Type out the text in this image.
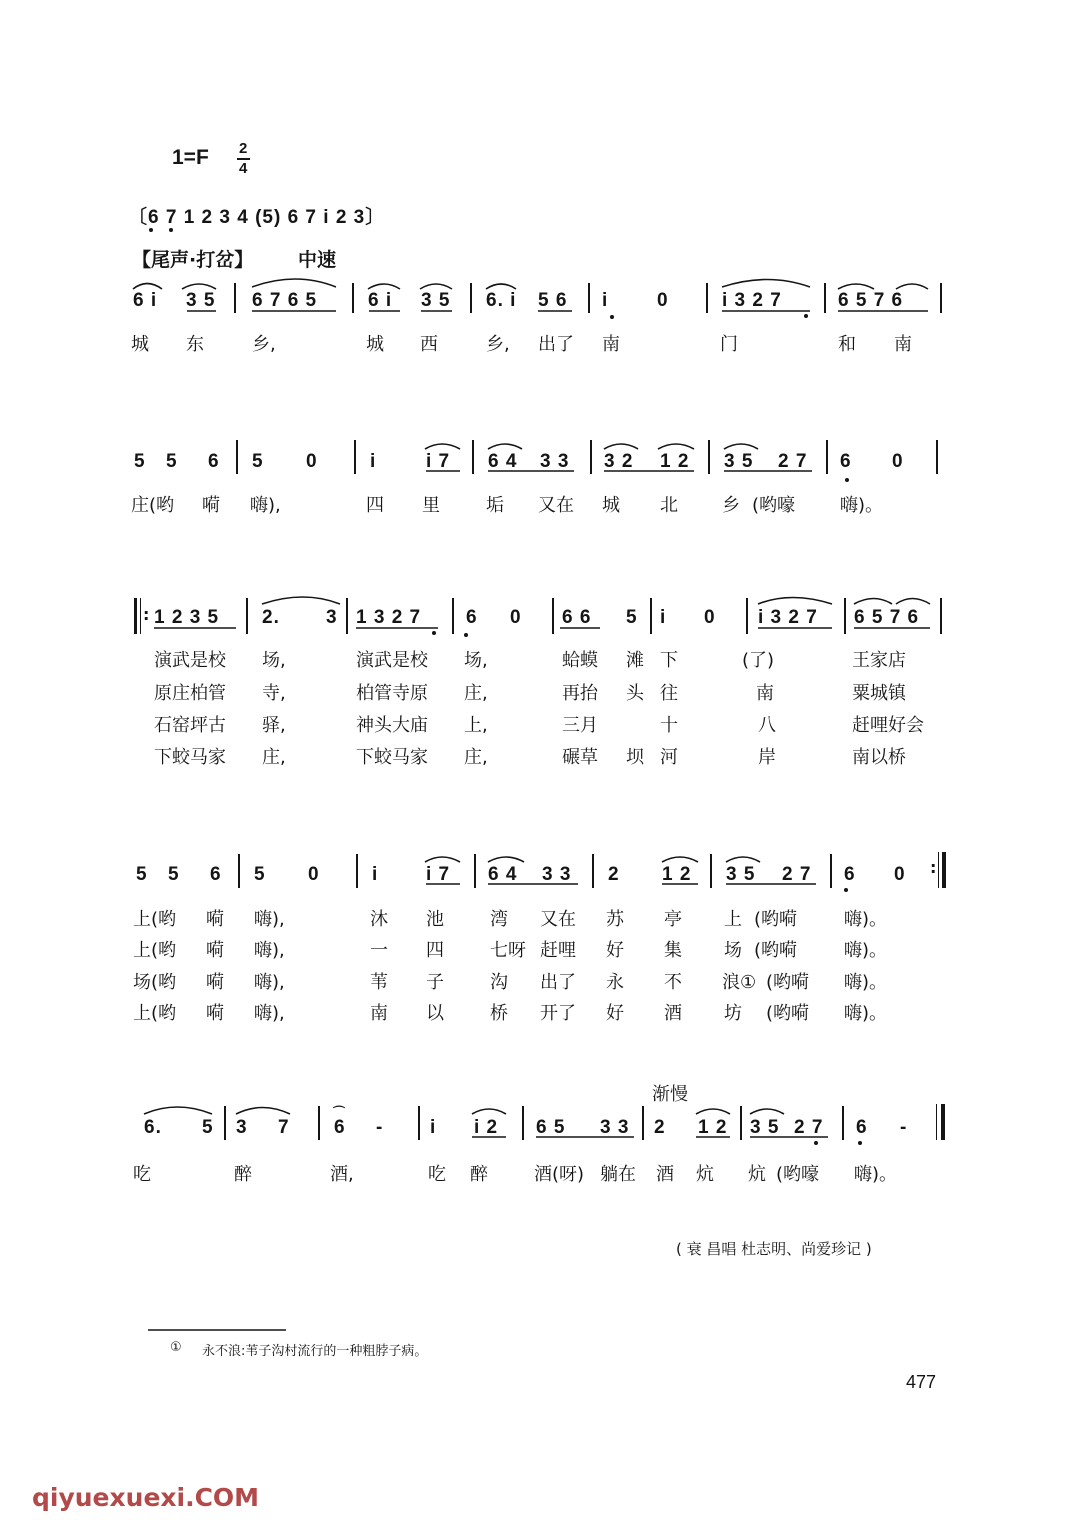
1=F 2
4
〔6 7 1 2 3 4 (5) 6 7 i 2 3〕
【尾声·打岔】 中速
6 i 3 5 6 7 6 5	6 i 3 5 6. i 5 6 i	0	i 3 2 7	6 5 7 6
城 东	乡,	城 西	乡, 出了 南	门	和 南
5 5 6 5 0	i	i 7 6 4 3 3 3 2 1 2 3 5 2 7 6 0
庄(哟 嗬 嗨),	四 里	垢 又在 城 北 乡 (哟嚎 嗨)。
: 1 2 3 5 2. 3 1 3 2 7 6 0 6 6 5 i 0 i 3 2 7 6 5 7 6
演武是校 场,	演武是校 场,	蛤蟆 滩 下	(了)	王家店
原庄柏管 寺,	柏管寺原 庄,	再抬 头 往	南	粟城镇
石窑坪古 驿,	神头大庙 上,	三月	十	八	赶哩好会
下蛟马家 庄,	下蛟马家 庄,	碾草 坝 河	岸	南以桥
5 5 6 5 0	i	i 7 6 4 3 3 2 1 2 3 5 2 7 6 0 :
上(哟 嗬 嗨),	沐 池	湾 又在 苏 亭 上 (哟嗬	嗨)。
上(哟 嗬 嗨),	一 四	七呀 赶哩 好 集 场 (哟嗬	嗨)。
场(哟 嗬 嗨),	苇 子	沟 出了 永 不 浪① (哟嗬 嗨)。
上(哟 嗬 嗨),	南 以	桥 开了 好 酒 坊 (哟嗬 嗨)。
渐慢
6. 5 3 7
⌒
6 - i i 2 6 5 3 3 2 1 2 3 5 2 7 6 -
吃	醉	酒,	吃 醉	酒(呀) 躺在 酒 炕 炕 (哟嚎 嗨)。
( 衰 昌唱 杜志明、尚爱珍记 )
① 永不浪:苇子沟村流行的一种粗脖子病。
477
qiyuexuexi.COM
